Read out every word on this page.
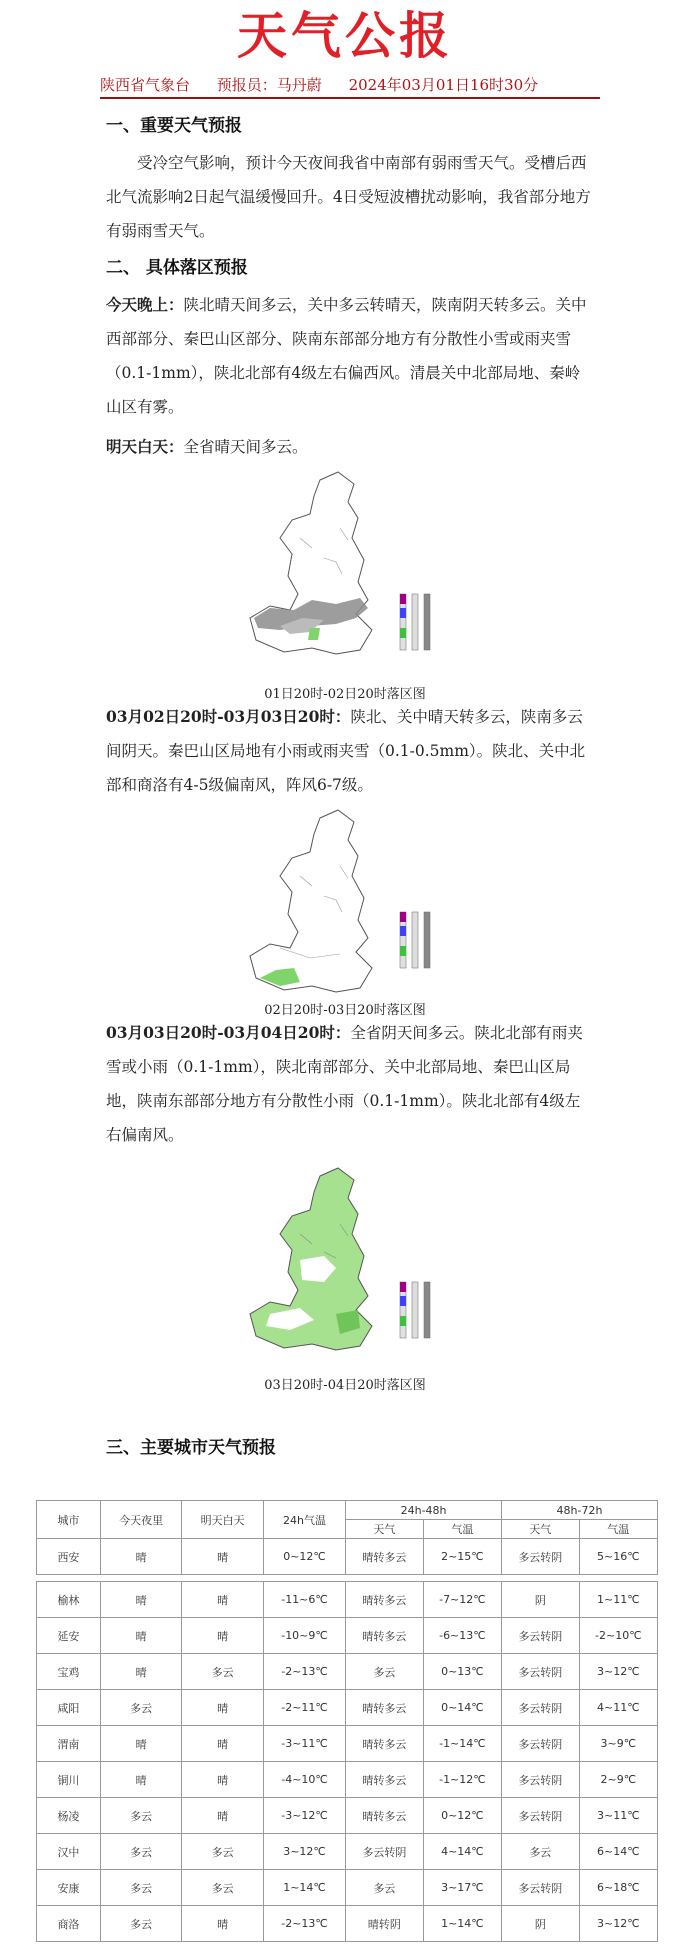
天气公报
陕西省气象台 预报员：马丹蔚 2024年03月01日16时30分
一、重要天气预报

受冷空气影响，预计今天夜间我省中南部有弱雨雪天气。受槽后西北气流影响2日起气温缓慢回升。4日受短波槽扰动影响，我省部分地方有弱雨雪天气。

二、 具体落区预报

今天晚上：陕北晴天间多云，关中多云转晴天，陕南阴天转多云。关中西部部分、秦巴山区部分、陕南东部部分地方有分散性小雪或雨夹雪（0.1-1mm），陕北北部有4级左右偏西风。清晨关中北部局地、秦岭山区有雾。

明天白天：全省晴天间多云。

01日20时-02日20时落区图

03月02日20时-03月03日20时：陕北、关中晴天转多云，陕南多云间阴天。秦巴山区局地有小雨或雨夹雪（0.1-0.5mm）。陕北、关中北部和商洛有4-5级偏南风，阵风6-7级。

02日20时-03日20时落区图

03月03日20时-03月04日20时：全省阴天间多云。陕北北部有雨夹雪或小雨（0.1-1mm），陕北南部部分、关中北部局地、秦巴山区局地，陕南东部部分地方有分散性小雨（0.1-1mm）。陕北北部有4级左右偏南风。

03日20时-04日20时落区图
三、主要城市天气预报
城市	今天夜里	明天白天	24h气温	24h-48h		48h-72h	
				天气	气温	天气	气温
西安	晴	晴	0~12℃	晴转多云	2~15℃	多云转阴	5~16℃

榆林	晴	晴	-11~6℃	晴转多云	-7~12℃	阴	1~11℃
延安	晴	晴	-10~9℃	晴转多云	-6~13℃	多云转阴	-2~10℃
宝鸡	晴	多云	-2~13℃	多云	0~13℃	多云转阴	3~12℃
咸阳	多云	晴	-2~11℃	晴转多云	0~14℃	多云转阴	4~11℃
渭南	晴	晴	-3~11℃	晴转多云	-1~14℃	多云转阴	3~9℃
铜川	晴	晴	-4~10℃	晴转多云	-1~12℃	多云转阴	2~9℃
杨凌	多云	晴	-3~12℃	晴转多云	0~12℃	多云转阴	3~11℃
汉中	多云	多云	3~12℃	多云转阴	4~14℃	多云	6~14℃
安康	多云	多云	1~14℃	多云	3~17℃	多云转阴	6~18℃
商洛	多云	晴	-2~13℃	晴转阴	1~14℃	阴	3~12℃
